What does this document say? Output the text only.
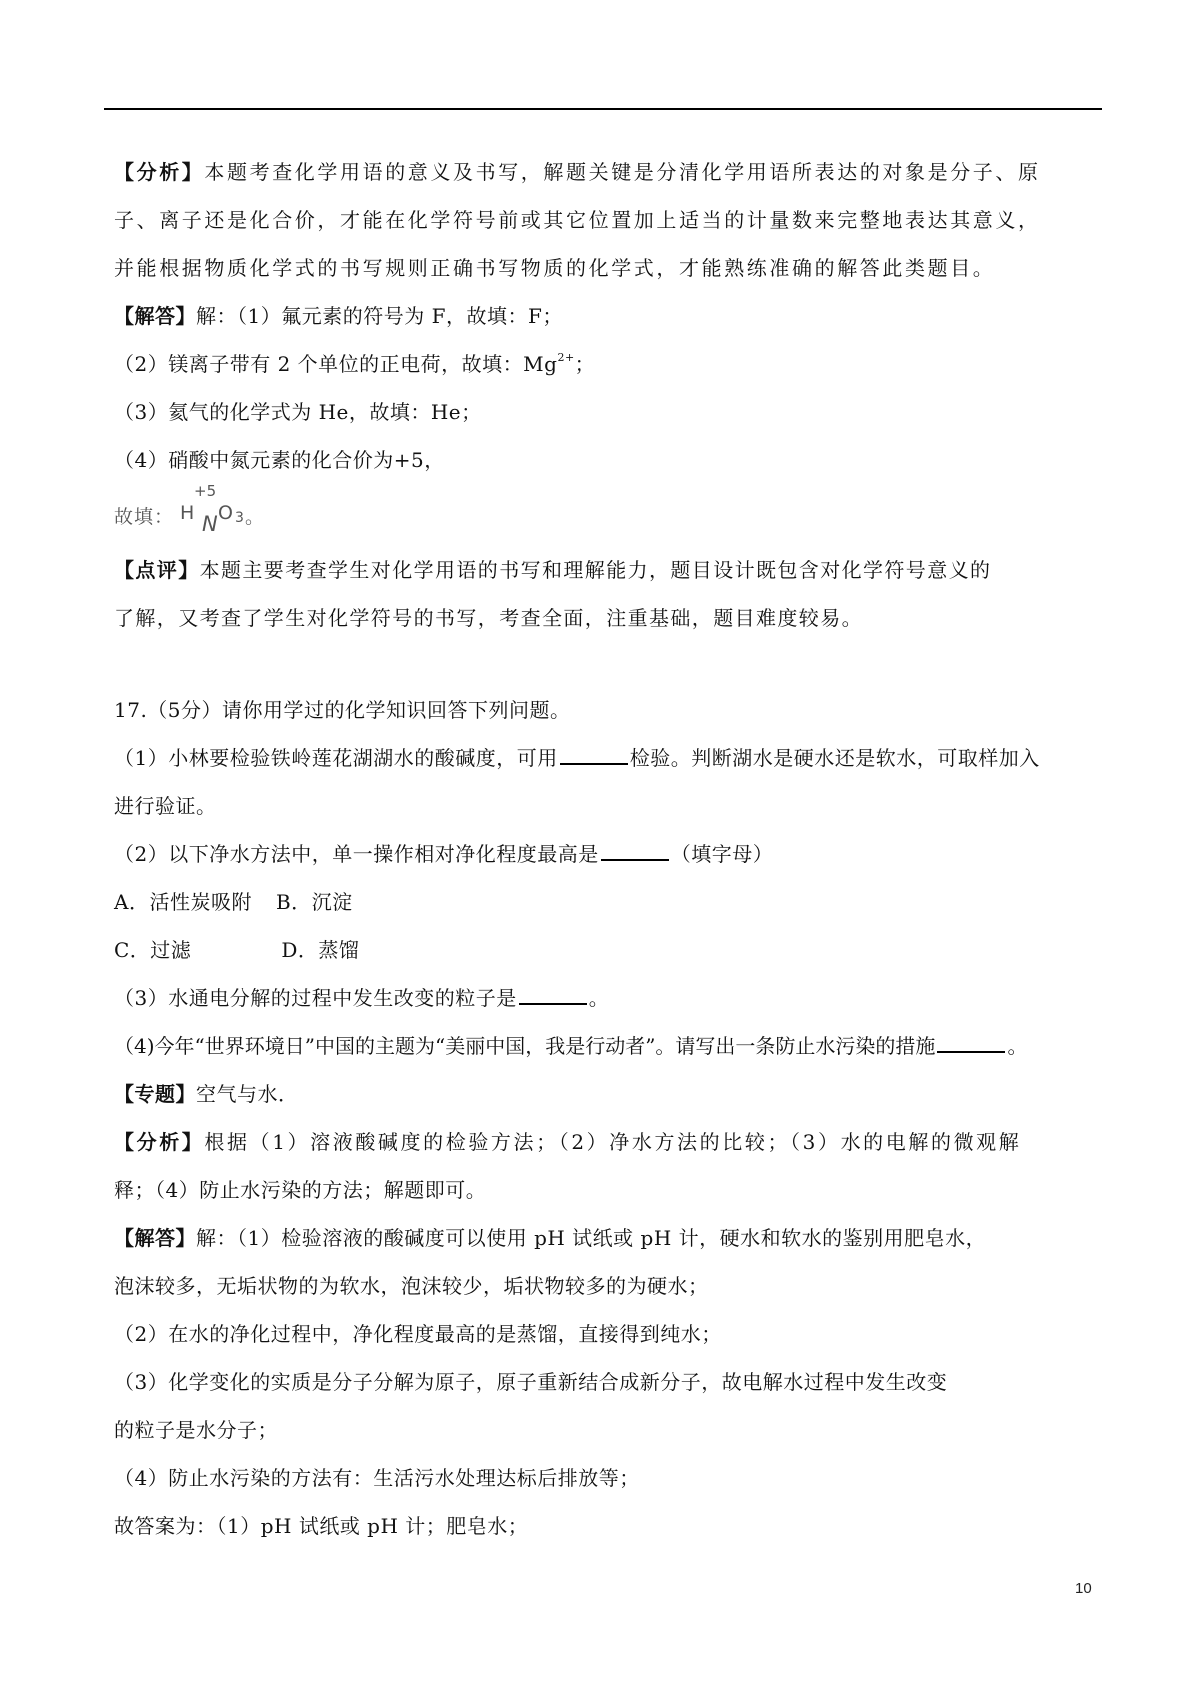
【分析】本题考查化学用语的意义及书写，解题关键是分清化学用语所表达的对象是分子、原
子、离子还是化合价，才能在化学符号前或其它位置加上适当的计量数来完整地表达其意义，
并能根据物质化学式的书写规则正确书写物质的化学式，才能熟练准确的解答此类题目。
【解答】解：（1）氟元素的符号为 F，故填：F；
（2）镁离子带有 2 个单位的正电荷，故填：$Mg^{2+}$；
（3）氦气的化学式为 He，故填：He；
（4）硝酸中氮元素的化合价为+5，
故填： H
+5
N O 3 。
【点评】本题主要考查学生对化学用语的书写和理解能力，题目设计既包含对化学符号意义的
了解，又考查了学生对化学符号的书写，考查全面，注重基础，题目难度较易。
17.（5分）请你用学过的化学知识回答下列问题。
（1）小林要检验铁岭莲花湖湖水的酸碱度，可用	检验。判断湖水是硬水还是软水，可取样加入
进行验证。
（2）以下净水方法中，单一操作相对净化程度最高是	（填字母）
A．活性炭吸附 B．沉淀
C．过滤	D．蒸馏
（3）水通电分解的过程中发生改变的粒子是	。
（4)今年“世界环境日”中国的主题为“美丽中国，我是行动者”。请写出一条防止水污染的措施	。
【专题】空气与水．
【分析】根据（1）溶液酸碱度的检验方法；（2）净水方法的比较；（3）水的电解的微观解
释；（4）防止水污染的方法；解题即可。
【解答】解：（1）检验溶液的酸碱度可以使用 pH 试纸或 pH 计，硬水和软水的鉴别用肥皂水，
泡沫较多，无垢状物的为软水，泡沫较少，垢状物较多的为硬水；
（2）在水的净化过程中，净化程度最高的是蒸馏，直接得到纯水；
（3）化学变化的实质是分子分解为原子，原子重新结合成新分子，故电解水过程中发生改变
的粒子是水分子；
（4）防止水污染的方法有：生活污水处理达标后排放等；
故答案为：（1）pH 试纸或 pH 计；肥皂水；
10
